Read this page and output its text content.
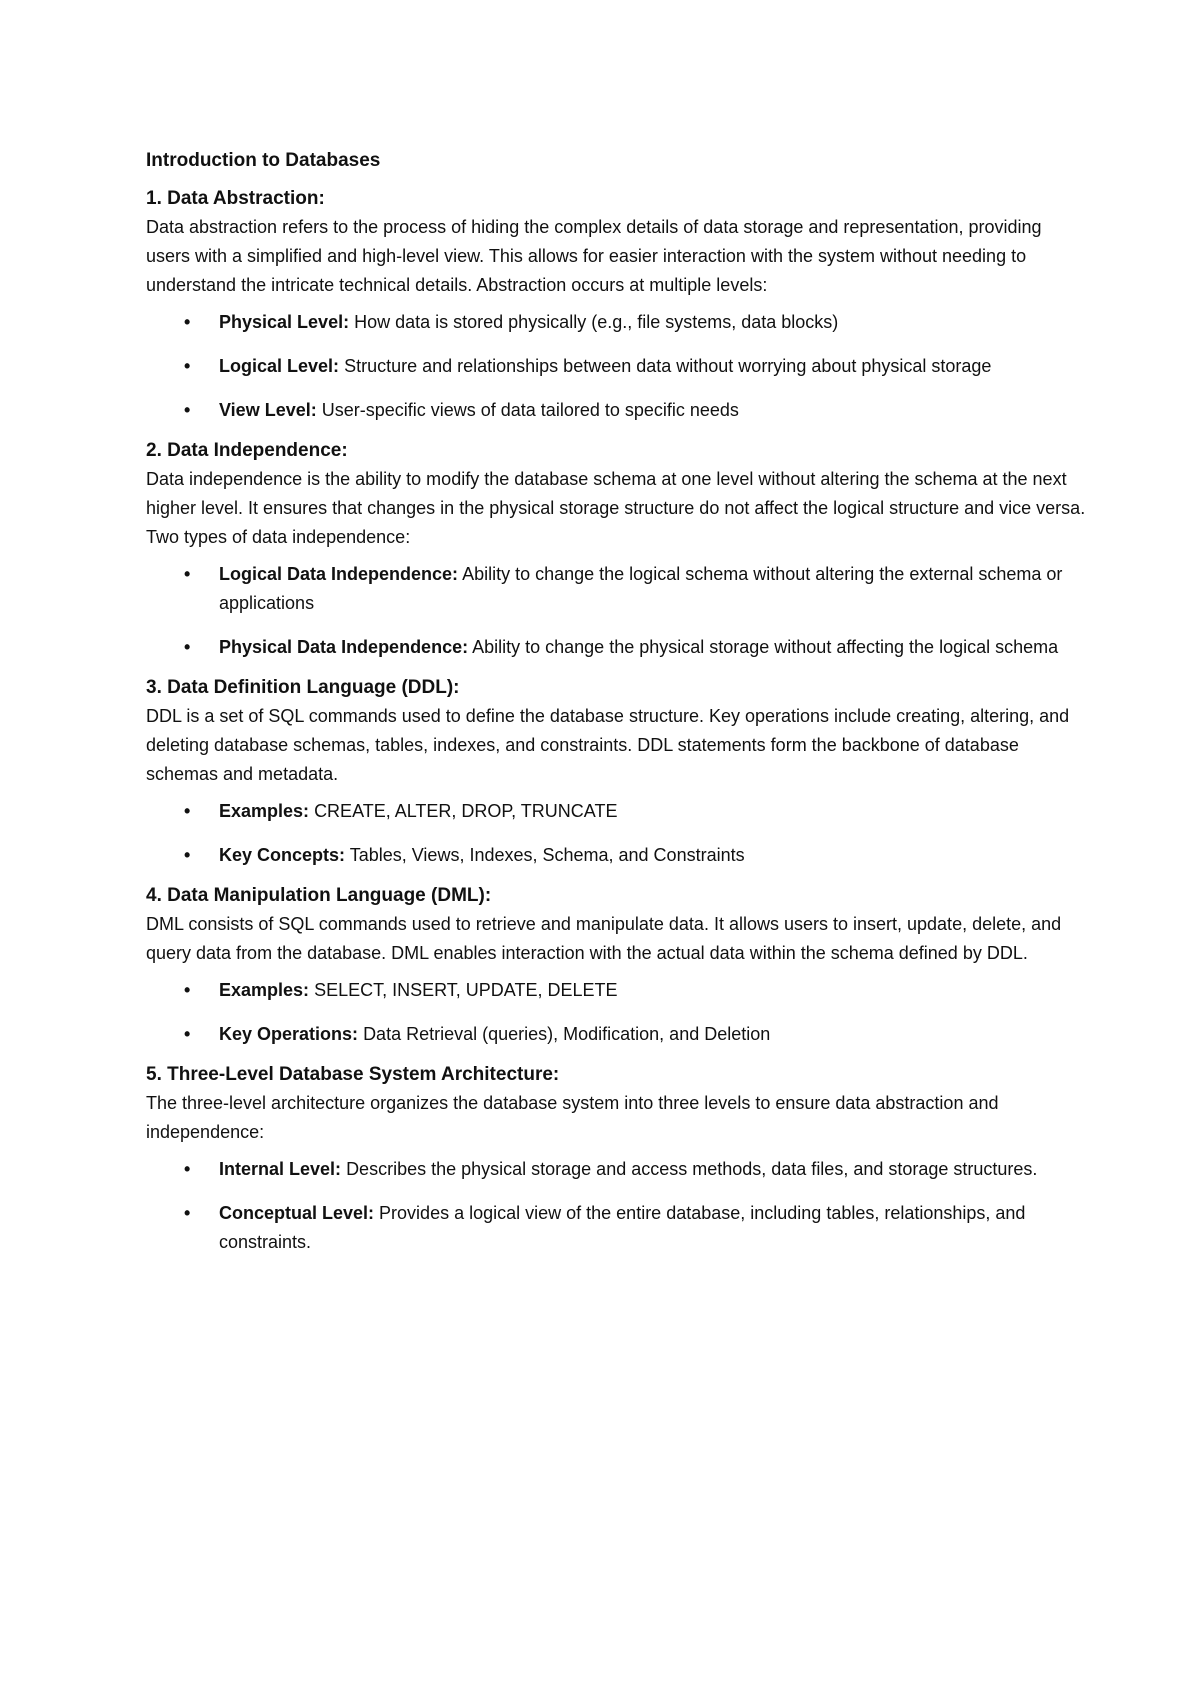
Introduction to Databases
1. Data Abstraction:
Data abstraction refers to the process of hiding the complex details of data storage and representation, providing users with a simplified and high-level view. This allows for easier interaction with the system without needing to understand the intricate technical details. Abstraction occurs at multiple levels:
• Physical Level: How data is stored physically (e.g., file systems, data blocks)
• Logical Level: Structure and relationships between data without worrying about physical storage
• View Level: User-specific views of data tailored to specific needs
2. Data Independence:
Data independence is the ability to modify the database schema at one level without altering the schema at the next higher level. It ensures that changes in the physical storage structure do not affect the logical structure and vice versa. Two types of data independence:
• Logical Data Independence: Ability to change the logical schema without altering the external schema or applications
• Physical Data Independence: Ability to change the physical storage without affecting the logical schema
3. Data Definition Language (DDL):
DDL is a set of SQL commands used to define the database structure. Key operations include creating, altering, and deleting database schemas, tables, indexes, and constraints. DDL statements form the backbone of database schemas and metadata.
• Examples: CREATE, ALTER, DROP, TRUNCATE
• Key Concepts: Tables, Views, Indexes, Schema, and Constraints
4. Data Manipulation Language (DML):
DML consists of SQL commands used to retrieve and manipulate data. It allows users to insert, update, delete, and query data from the database. DML enables interaction with the actual data within the schema defined by DDL.
• Examples: SELECT, INSERT, UPDATE, DELETE
• Key Operations: Data Retrieval (queries), Modification, and Deletion
5. Three-Level Database System Architecture:
The three-level architecture organizes the database system into three levels to ensure data abstraction and independence:
• Internal Level: Describes the physical storage and access methods, data files, and storage structures.
• Conceptual Level: Provides a logical view of the entire database, including tables, relationships, and constraints.
